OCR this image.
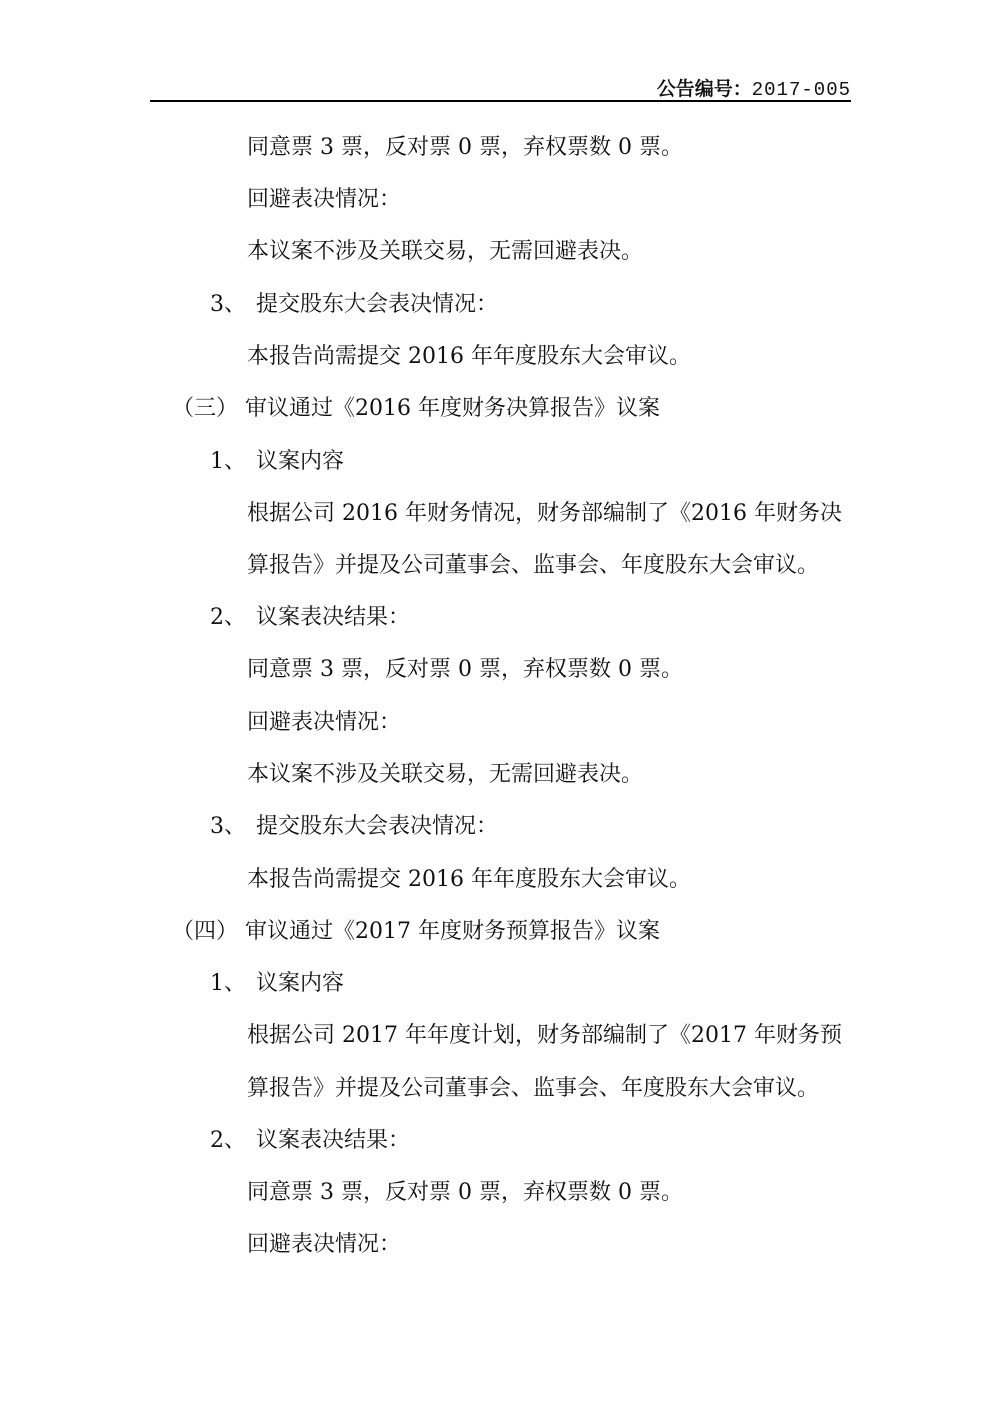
公告编号：2017-005
同意票 3 票，反对票 0 票，弃权票数 0 票。
回避表决情况：
本议案不涉及关联交易，无需回避表决。
3、 提交股东大会表决情况：
本报告尚需提交 2016 年年度股东大会审议。
（三） 审议通过《2016 年度财务决算报告》议案
1、 议案内容
根据公司 2016 年财务情况，财务部编制了《2016 年财务决
算报告》并提及公司董事会、监事会、年度股东大会审议。
2、 议案表决结果：
同意票 3 票，反对票 0 票，弃权票数 0 票。
回避表决情况：
本议案不涉及关联交易，无需回避表决。
3、 提交股东大会表决情况：
本报告尚需提交 2016 年年度股东大会审议。
（四） 审议通过《2017 年度财务预算报告》议案
1、 议案内容
根据公司 2017 年年度计划，财务部编制了《2017 年财务预
算报告》并提及公司董事会、监事会、年度股东大会审议。
2、 议案表决结果：
同意票 3 票，反对票 0 票，弃权票数 0 票。
回避表决情况：
